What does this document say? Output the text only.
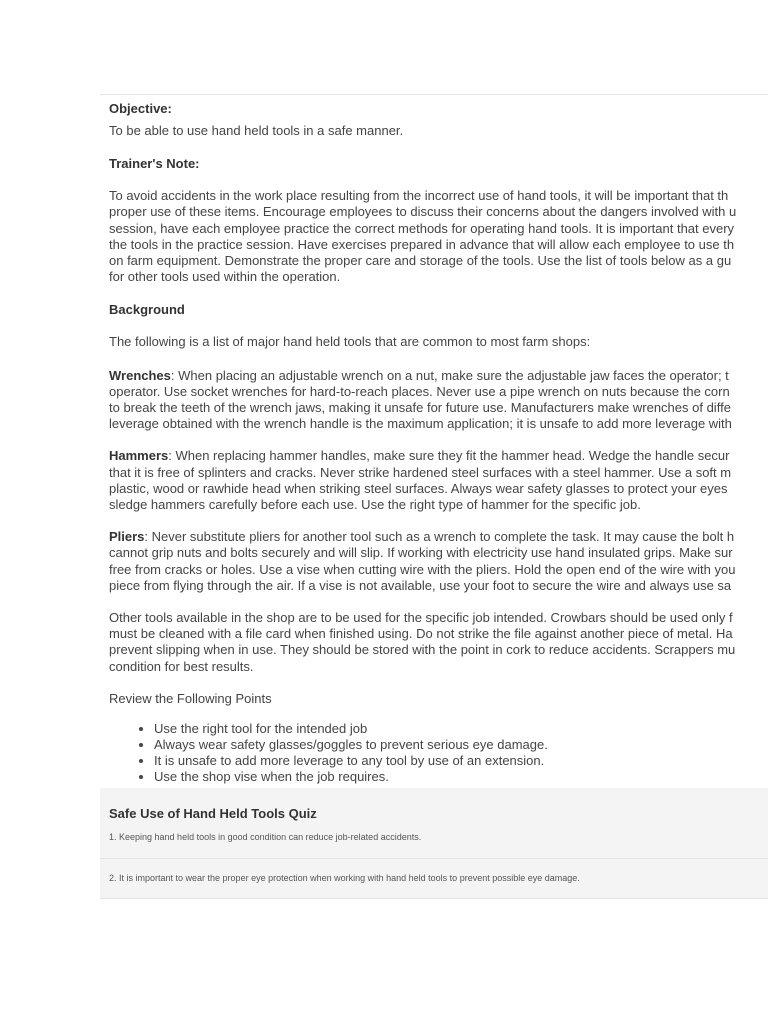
Objective:
To be able to use hand held tools in a safe manner.
Trainer's Note:
To avoid accidents in the work place resulting from the incorrect use of hand tools, it will be important that th
proper use of these items. Encourage employees to discuss their concerns about the dangers involved with u
session, have each employee practice the correct methods for operating hand tools. It is important that every
the tools in the practice session. Have exercises prepared in advance that will allow each employee to use th
on farm equipment. Demonstrate the proper care and storage of the tools. Use the list of tools below as a gu
for other tools used within the operation.
Background
The following is a list of major hand held tools that are common to most farm shops:
Wrenches: When placing an adjustable wrench on a nut, make sure the adjustable jaw faces the operator; t
operator. Use socket wrenches for hard-to-reach places. Never use a pipe wrench on nuts because the corn
to break the teeth of the wrench jaws, making it unsafe for future use. Manufacturers make wrenches of diffe
leverage obtained with the wrench handle is the maximum application; it is unsafe to add more leverage with
Hammers: When replacing hammer handles, make sure they fit the hammer head. Wedge the handle secur
that it is free of splinters and cracks. Never strike hardened steel surfaces with a steel hammer. Use a soft m
plastic, wood or rawhide head when striking steel surfaces. Always wear safety glasses to protect your eyes
sledge hammers carefully before each use. Use the right type of hammer for the specific job.
Pliers: Never substitute pliers for another tool such as a wrench to complete the task. It may cause the bolt h
cannot grip nuts and bolts securely and will slip. If working with electricity use hand insulated grips. Make sur
free from cracks or holes. Use a vise when cutting wire with the pliers. Hold the open end of the wire with you
piece from flying through the air. If a vise is not available, use your foot to secure the wire and always use sa
Other tools available in the shop are to be used for the specific job intended. Crowbars should be used only f
must be cleaned with a file card when finished using. Do not strike the file against another piece of metal. Ha
prevent slipping when in use. They should be stored with the point in cork to reduce accidents. Scrappers mu
condition for best results.
Review the Following Points
• Use the right tool for the intended job
• Always wear safety glasses/goggles to prevent serious eye damage.
• It is unsafe to add more leverage to any tool by use of an extension.
• Use the shop vise when the job requires.
Safe Use of Hand Held Tools Quiz
1. Keeping hand held tools in good condition can reduce job-related accidents.
2. It is important to wear the proper eye protection when working with hand held tools to prevent possible eye damage.
